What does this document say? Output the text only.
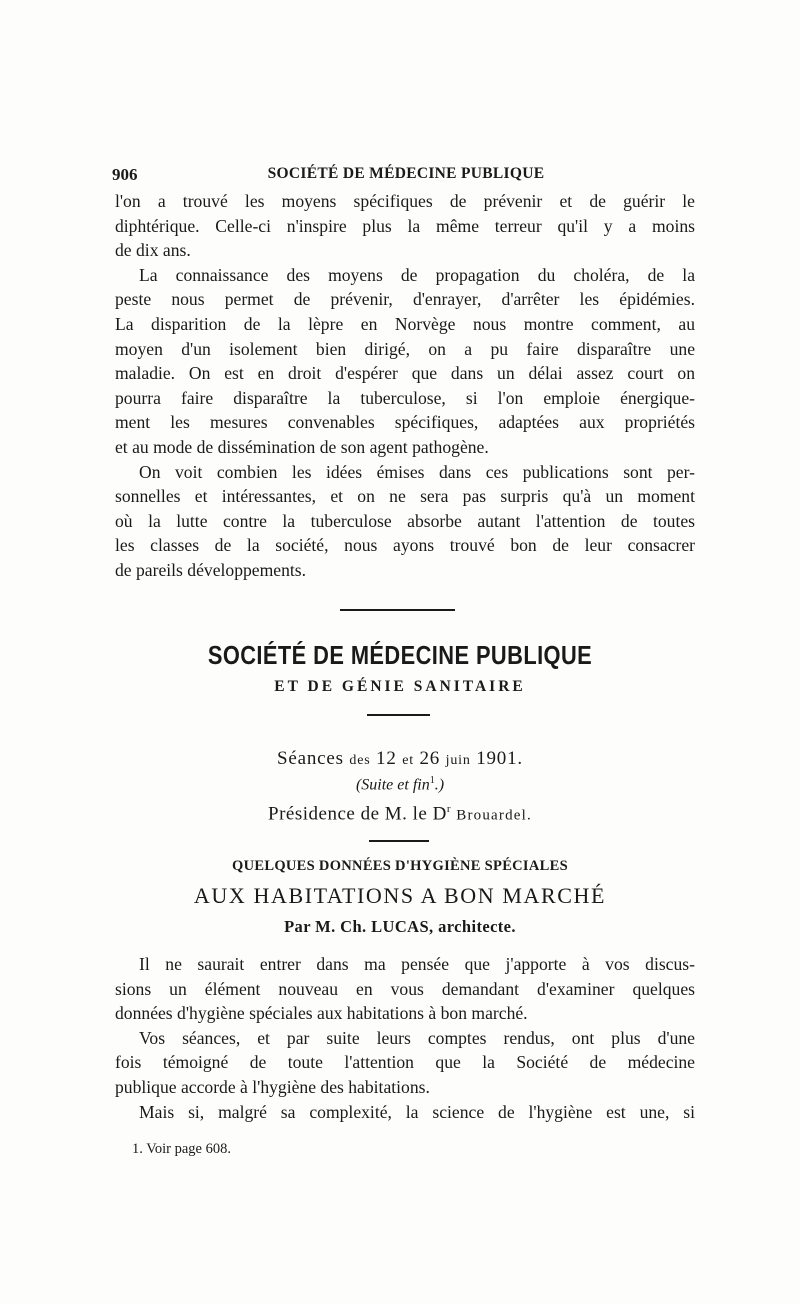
906	SOCIÉTÉ DE MÉDECINE PUBLIQUE
l'on a trouvé les moyens spécifiques de prévenir et de guérir le
diphtérique. Celle-ci n'inspire plus la même terreur qu'il y a moins
de dix ans.
La connaissance des moyens de propagation du choléra, de la
peste nous permet de prévenir, d'enrayer, d'arrêter les épidémies.
La disparition de la lèpre en Norvège nous montre comment, au
moyen d'un isolement bien dirigé, on a pu faire disparaître une
maladie. On est en droit d'espérer que dans un délai assez court on
pourra faire disparaître la tuberculose, si l'on emploie énergique-
ment les mesures convenables spécifiques, adaptées aux propriétés
et au mode de dissémination de son agent pathogène.
On voit combien les idées émises dans ces publications sont per-
sonnelles et intéressantes, et on ne sera pas surpris qu'à un moment
où la lutte contre la tuberculose absorbe autant l'attention de toutes
les classes de la société, nous ayons trouvé bon de leur consacrer
de pareils développements.
SOCIÉTÉ DE MÉDECINE PUBLIQUE
ET DE GÉNIE SANITAIRE
Séances des 12 et 26 juin 1901.
(Suite et fin$^1$.)
Présidence de M. le $D^r$ Brouardel.
QUELQUES DONNÉES D'HYGIÈNE SPÉCIALES
AUX HABITATIONS A BON MARCHÉ
Par M. Ch. LUCAS, architecte.
Il ne saurait entrer dans ma pensée que j'apporte à vos discus-
sions un élément nouveau en vous demandant d'examiner quelques
données d'hygiène spéciales aux habitations à bon marché.
Vos séances, et par suite leurs comptes rendus, ont plus d'une
fois témoigné de toute l'attention que la Société de médecine
publique accorde à l'hygiène des habitations.
Mais si, malgré sa complexité, la science de l'hygiène est une, si
1. Voir page 608.
